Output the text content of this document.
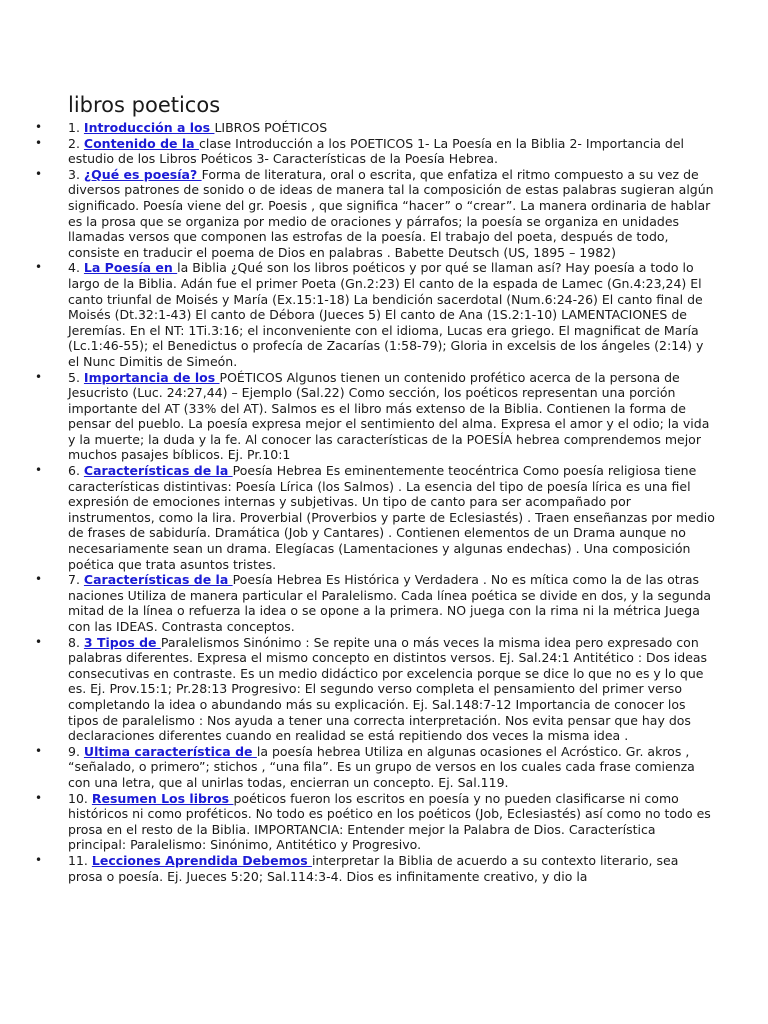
libros poeticos
• 1. Introducción a los LIBROS POÉTICOS
• 2. Contenido de la clase Introducción a los POETICOS 1- La Poesía en la Biblia 2- Importancia del estudio de los Libros Poéticos 3- Características de la Poesía Hebrea.
• 3. ¿Qué es poesía? Forma de literatura, oral o escrita, que enfatiza el ritmo compuesto a su vez de diversos patrones de sonido o de ideas de manera tal la composición de estas palabras sugieran algún significado. Poesía viene del gr. Poesis , que significa “hacer” o “crear”. La manera ordinaria de hablar es la prosa que se organiza por medio de oraciones y párrafos; la poesía se organiza en unidades llamadas versos que componen las estrofas de la poesía. El trabajo del poeta, después de todo, consiste en traducir el poema de Dios en palabras . Babette Deutsch (US, 1895 – 1982)
• 4. La Poesía en la Biblia ¿Qué son los libros poéticos y por qué se llaman así? Hay poesía a todo lo largo de la Biblia. Adán fue el primer Poeta (Gn.2:23) El canto de la espada de Lamec (Gn.4:23,24) El canto triunfal de Moisés y María (Ex.15:1-18) La bendición sacerdotal (Num.6:24-26) El canto final de Moisés (Dt.32:1-43) El canto de Débora (Jueces 5) El canto de Ana (1S.2:1-10) LAMENTACIONES de Jeremías. En el NT: 1Ti.3:16; el inconveniente con el idioma, Lucas era griego. El magnificat de María (Lc.1:46-55); el Benedictus o profecía de Zacarías (1:58-79); Gloria in excelsis de los ángeles (2:14) y el Nunc Dimitis de Simeón.
• 5. Importancia de los POÉTICOS Algunos tienen un contenido profético acerca de la persona de Jesucristo (Luc. 24:27,44) – Ejemplo (Sal.22) Como sección, los poéticos representan una porción importante del AT (33% del AT). Salmos es el libro más extenso de la Biblia. Contienen la forma de pensar del pueblo. La poesía expresa mejor el sentimiento del alma. Expresa el amor y el odio; la vida y la muerte; la duda y la fe. Al conocer las características de la POESÍA hebrea comprendemos mejor muchos pasajes bíblicos. Ej. Pr.10:1
• 6. Características de la Poesía Hebrea Es eminentemente teocéntrica Como poesía religiosa tiene características distintivas: Poesía Lírica (los Salmos) . La esencia del tipo de poesía lírica es una fiel expresión de emociones internas y subjetivas. Un tipo de canto para ser acompañado por instrumentos, como la lira. Proverbial (Proverbios y parte de Eclesiastés) . Traen enseñanzas por medio de frases de sabiduría. Dramática (Job y Cantares) . Contienen elementos de un Drama aunque no necesariamente sean un drama. Elegíacas (Lamentaciones y algunas endechas) . Una composición poética que trata asuntos tristes.
• 7. Características de la Poesía Hebrea Es Histórica y Verdadera . No es mítica como la de las otras naciones Utiliza de manera particular el Paralelismo. Cada línea poética se divide en dos, y la segunda mitad de la línea o refuerza la idea o se opone a la primera. NO juega con la rima ni la métrica Juega con las IDEAS. Contrasta conceptos.
• 8. 3 Tipos de Paralelismos Sinónimo : Se repite una o más veces la misma idea pero expresado con palabras diferentes. Expresa el mismo concepto en distintos versos. Ej. Sal.24:1 Antitético : Dos ideas consecutivas en contraste. Es un medio didáctico por excelencia porque se dice lo que no es y lo que es. Ej. Prov.15:1; Pr.28:13 Progresivo: El segundo verso completa el pensamiento del primer verso completando la idea o abundando más su explicación. Ej. Sal.148:7-12 Importancia de conocer los tipos de paralelismo : Nos ayuda a tener una correcta interpretación. Nos evita pensar que hay dos declaraciones diferentes cuando en realidad se está repitiendo dos veces la misma idea .
• 9. Ultima característica de la poesía hebrea Utiliza en algunas ocasiones el Acróstico. Gr. akros , “señalado, o primero”; stichos , “una fila”. Es un grupo de versos en los cuales cada frase comienza con una letra, que al unirlas todas, encierran un concepto. Ej. Sal.119.
• 10. Resumen Los libros poéticos fueron los escritos en poesía y no pueden clasificarse ni como históricos ni como proféticos. No todo es poético en los poéticos (Job, Eclesiastés) así como no todo es prosa en el resto de la Biblia. IMPORTANCIA: Entender mejor la Palabra de Dios. Característica principal: Paralelismo: Sinónimo, Antitético y Progresivo.
• 11. Lecciones Aprendida Debemos interpretar la Biblia de acuerdo a su contexto literario, sea prosa o poesía. Ej. Jueces 5:20; Sal.114:3-4. Dios es infinitamente creativo, y dio la
